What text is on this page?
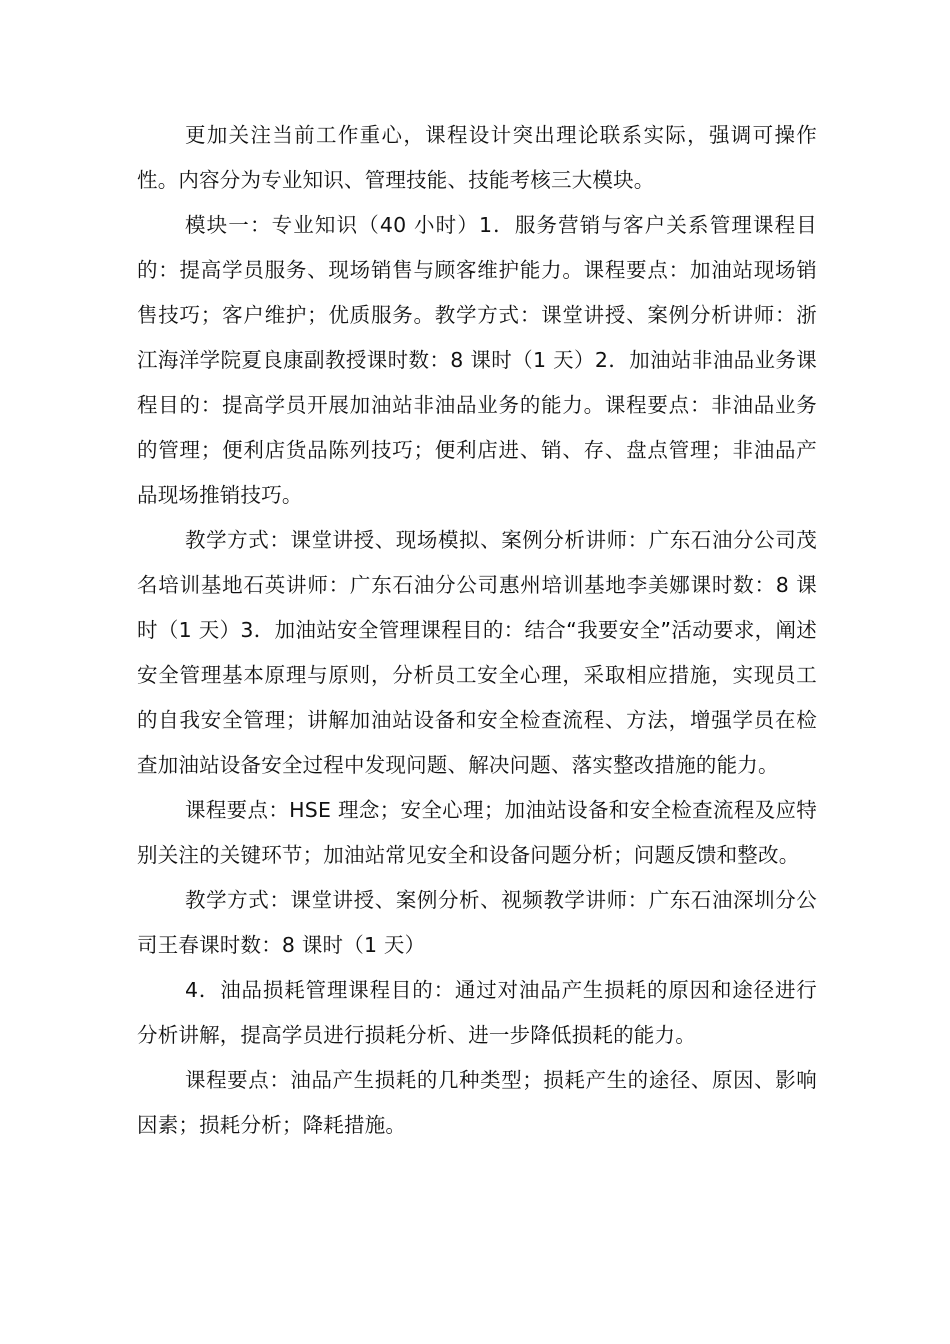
更加关注当前工作重心，课程设计突出理论联系实际，强调可操作性。内容分为专业知识、管理技能、技能考核三大模块。

模块一：专业知识（40 小时）1．服务营销与客户关系管理课程目的：提高学员服务、现场销售与顾客维护能力。课程要点：加油站现场销售技巧；客户维护；优质服务。教学方式：课堂讲授、案例分析讲师：浙江海洋学院夏良康副教授课时数：8 课时（1 天）2．加油站非油品业务课程目的：提高学员开展加油站非油品业务的能力。课程要点：非油品业务的管理；便利店货品陈列技巧；便利店进、销、存、盘点管理；非油品产品现场推销技巧。

教学方式：课堂讲授、现场模拟、案例分析讲师：广东石油分公司茂名培训基地石英讲师：广东石油分公司惠州培训基地李美娜课时数：8 课时（1 天）3．加油站安全管理课程目的：结合“我要安全”活动要求，阐述安全管理基本原理与原则，分析员工安全心理，采取相应措施，实现员工的自我安全管理；讲解加油站设备和安全检查流程、方法，增强学员在检查加油站设备安全过程中发现问题、解决问题、落实整改措施的能力。

课程要点：HSE 理念；安全心理；加油站设备和安全检查流程及应特别关注的关键环节；加油站常见安全和设备问题分析；问题反馈和整改。

教学方式：课堂讲授、案例分析、视频教学讲师：广东石油深圳分公司王春课时数：8 课时（1 天）

4．油品损耗管理课程目的：通过对油品产生损耗的原因和途径进行分析讲解，提高学员进行损耗分析、进一步降低损耗的能力。

课程要点：油品产生损耗的几种类型；损耗产生的途径、原因、影响因素；损耗分析；降耗措施。
